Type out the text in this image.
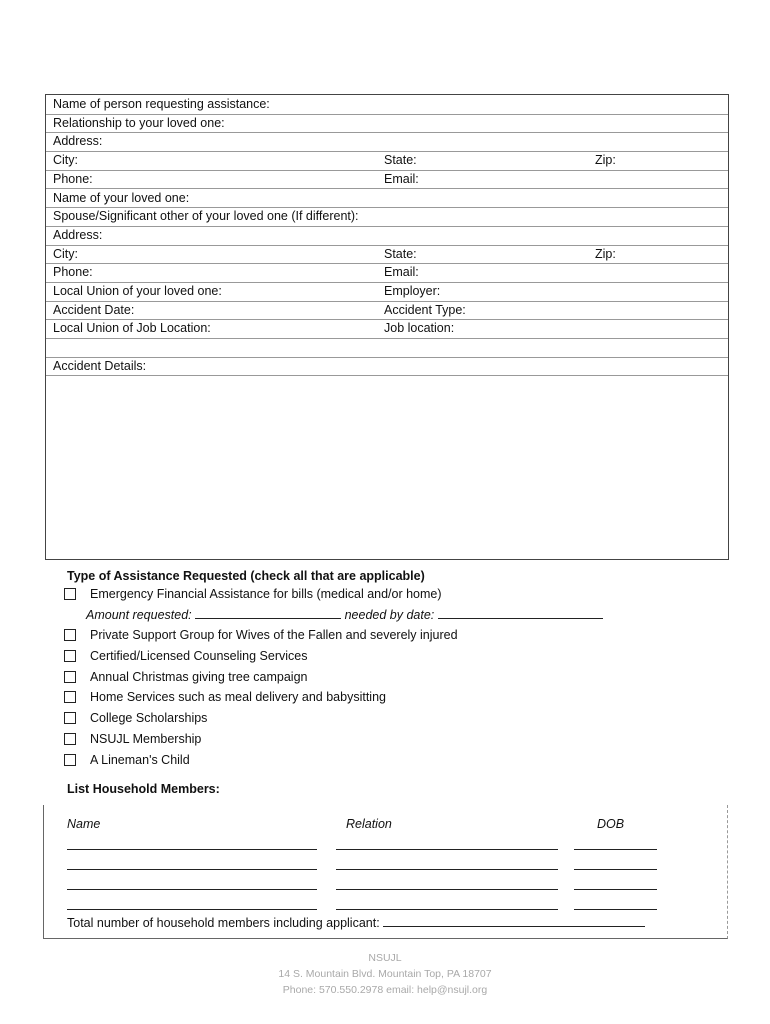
Name of person requesting assistance:
Relationship to your loved one:
Address:
City:	State:	Zip:
Phone:	Email:
Name of your loved one:
Spouse/Significant other of your loved one (If different):
Address:
City:	State:	Zip:
Phone:	Email:
Local Union of your loved one:	Employer:
Accident Date:	Accident Type:
Local Union of Job Location:	Job location:
Accident Details:
Type of Assistance Requested (check all that are applicable)
Emergency Financial Assistance for bills (medical and/or home)
Amount requested:	needed by date:
Private Support Group for Wives of the Fallen and severely injured
Certified/Licensed Counseling Services
Annual Christmas giving tree campaign
Home Services such as meal delivery and babysitting
College Scholarships
NSUJL Membership
A Lineman's Child
List Household Members:
Name	Relation	DOB
Total number of household members including applicant:
NSUJL
14 S. Mountain Blvd. Mountain Top, PA 18707
Phone: 570.550.2978 email: help@nsujl.org
